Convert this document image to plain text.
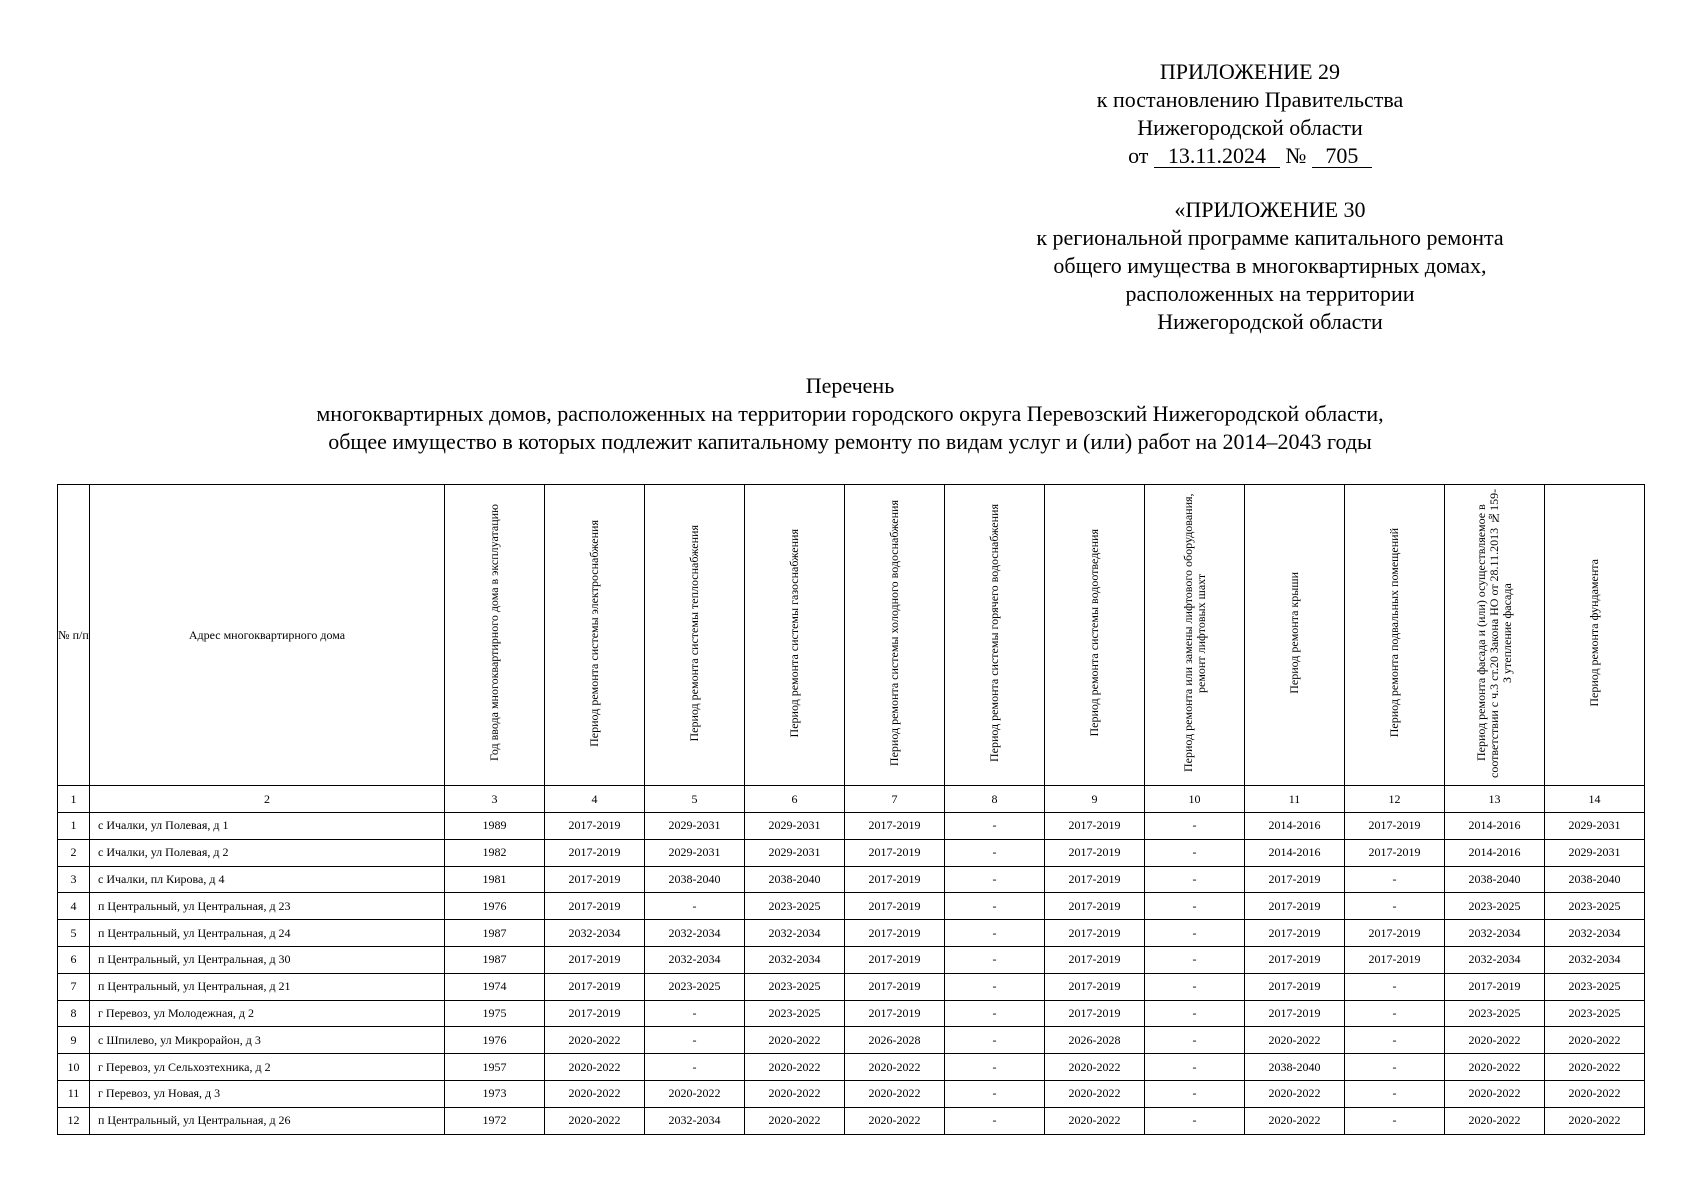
ПРИЛОЖЕНИЕ 29
к постановлению Правительства
Нижегородской области
от 13.11.2024 № 705
«ПРИЛОЖЕНИЕ 30
к региональной программе капитального ремонта
общего имущества в многоквартирных домах,
расположенных на территории
Нижегородской области
Перечень
многоквартирных домов, расположенных на территории городского округа Перевозский Нижегородской области,
общее имущество в которых подлежит капитальному ремонту по видам услуг и (или) работ на 2014–2043 годы
№ п/п	Адрес многоквартирного дома	Год ввода многоквартирного дома в эксплуатацию	Период ремонта системы электроснабжения	Период ремонта системы теплоснабжения	Период ремонта системы газоснабжения	Период ремонта системы холодного водоснабжения	Период ремонта системы горячего водоснабжения	Период ремонта системы водоотведения	Период ремонта или замены лифтового оборудования, ремонт лифтовых шахт	Период ремонта крыши	Период ремонта подвальных помещений	Период ремонта фасада и (или) осуществляемое в соответствии с ч.3 ст.20 Закона НО от 28.11.2013 №159-З утепление фасада	Период ремонта фундамента
1	2	3	4	5	6	7	8	9	10	11	12	13	14
1	с Ичалки, ул Полевая, д 1	1989	2017-2019	2029-2031	2029-2031	2017-2019	-	2017-2019	-	2014-2016	2017-2019	2014-2016	2029-2031
2	с Ичалки, ул Полевая, д 2	1982	2017-2019	2029-2031	2029-2031	2017-2019	-	2017-2019	-	2014-2016	2017-2019	2014-2016	2029-2031
3	с Ичалки, пл Кирова, д 4	1981	2017-2019	2038-2040	2038-2040	2017-2019	-	2017-2019	-	2017-2019	-	2038-2040	2038-2040
4	п Центральный, ул Центральная, д 23	1976	2017-2019	-	2023-2025	2017-2019	-	2017-2019	-	2017-2019	-	2023-2025	2023-2025
5	п Центральный, ул Центральная, д 24	1987	2032-2034	2032-2034	2032-2034	2017-2019	-	2017-2019	-	2017-2019	2017-2019	2032-2034	2032-2034
6	п Центральный, ул Центральная, д 30	1987	2017-2019	2032-2034	2032-2034	2017-2019	-	2017-2019	-	2017-2019	2017-2019	2032-2034	2032-2034
7	п Центральный, ул Центральная, д 21	1974	2017-2019	2023-2025	2023-2025	2017-2019	-	2017-2019	-	2017-2019	-	2017-2019	2023-2025
8	г Перевоз, ул Молодежная, д 2	1975	2017-2019	-	2023-2025	2017-2019	-	2017-2019	-	2017-2019	-	2023-2025	2023-2025
9	с Шпилево, ул Микрорайон, д 3	1976	2020-2022	-	2020-2022	2026-2028	-	2026-2028	-	2020-2022	-	2020-2022	2020-2022
10	г Перевоз, ул Сельхозтехника, д 2	1957	2020-2022	-	2020-2022	2020-2022	-	2020-2022	-	2038-2040	-	2020-2022	2020-2022
11	г Перевоз, ул Новая, д 3	1973	2020-2022	2020-2022	2020-2022	2020-2022	-	2020-2022	-	2020-2022	-	2020-2022	2020-2022
12	п Центральный, ул Центральная, д 26	1972	2020-2022	2032-2034	2020-2022	2020-2022	-	2020-2022	-	2020-2022	-	2020-2022	2020-2022
